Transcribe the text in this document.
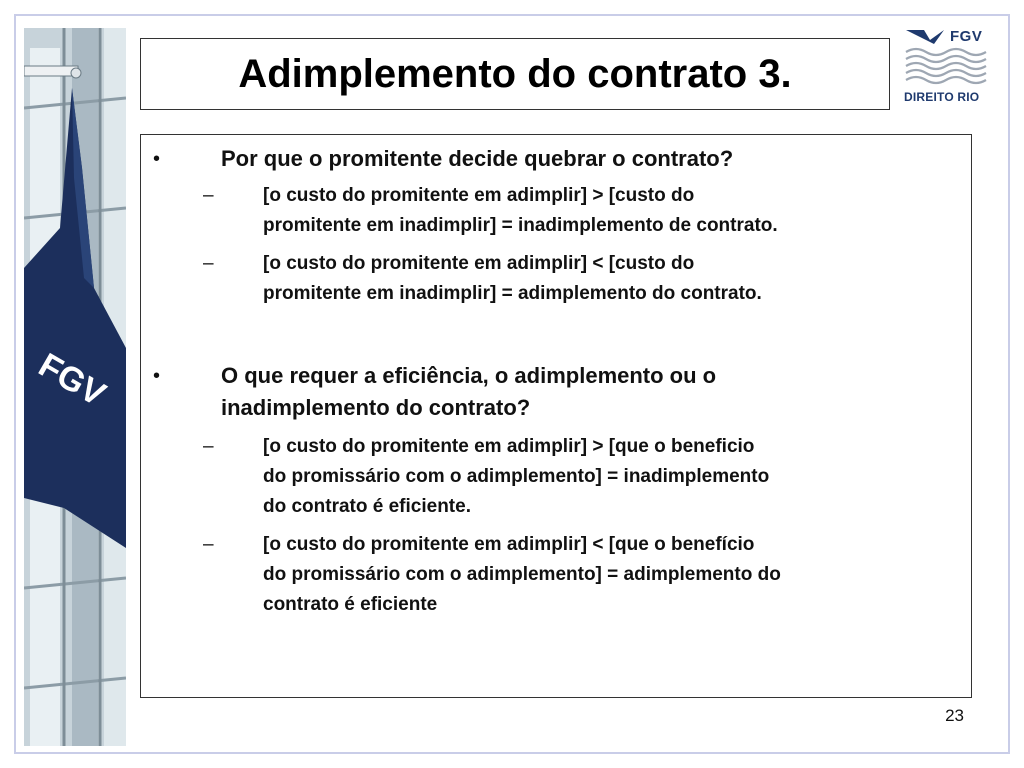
FGV
Adimplemento do contrato 3.
FGV
DIREITO RIO
•	Por que o promitente decide quebrar o contrato?
–	[o custo do promitente em adimplir] > [custo do
promitente em inadimplir] = inadimplemento de contrato.
–	[o custo do promitente em adimplir] < [custo do
promitente em inadimplir] = adimplemento do contrato.
•	O que requer a eficiência, o adimplemento ou o
inadimplemento do contrato?
–	[o custo do promitente em adimplir] > [que o beneficio
do promissário com o adimplemento] = inadimplemento
do contrato é eficiente.
–	[o custo do promitente em adimplir] < [que o benefício
do promissário com o adimplemento] = adimplemento do
contrato é eficiente
23
